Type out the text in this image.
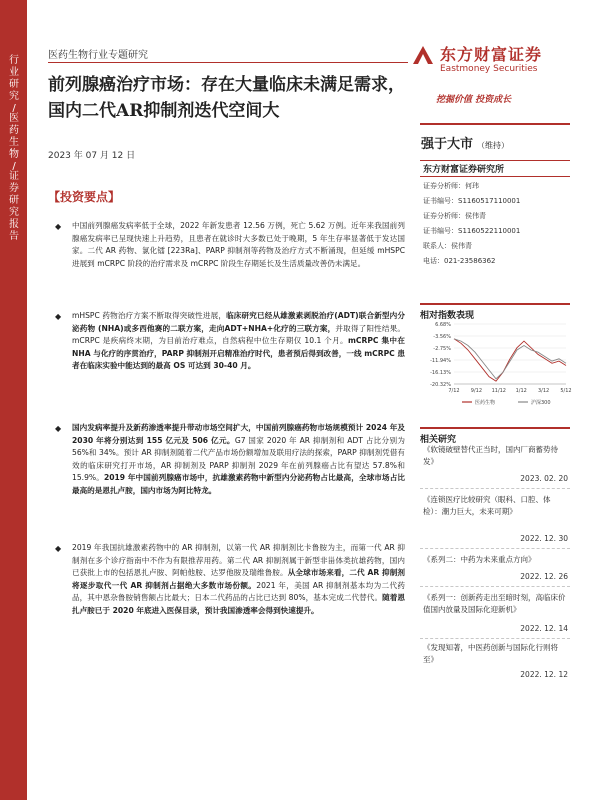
行业研究
/
医药生物
/
证券研究报告
医药生物行业专题研究
前列腺癌治疗市场：存在大量临床未满足需求，国内二代AR抑制剂迭代空间大
2023 年 07 月 12 日
东方财富证券
Eastmoney Securities
挖掘价值 投资成长
强于大市 （维持）
东方财富证券研究所
证券分析师：何玮
证书编号：S1160517110001
证券分析师：侯伟青
证书编号：S1160522110001
联系人：侯伟青
电话：021-23586362
相对指数表现
6.68%
-3.56%
-2.75%
-11.94%
-16.13%
-20.32%
7/12 9/12 11/12 1/12 3/12 5/12
医药生物	沪深300
相关研究
《软镜破壁替代正当时，国内厂商蓄势待发》
2023. 02. 20
《连锁医疗比较研究（眼科、口腔、体检）：潮力巨大，未来可期》
2022. 12. 30
《系列二：中药为未来重点方向》
2022. 12. 26
《系列一：创新药走出至暗时刻，高临床价值国内放量及国际化迎新机》
2022. 12. 14
《发现知著，中医药创新与国际化行则将至》
2022. 12. 12
【投资要点】
◆	中国前列腺癌发病率低于全球，2022 年新发患者 12.56 万例，死亡 5.62 万例。近年来我国前列腺癌发病率已呈现快速上升趋势，且患者在就诊时大多数已处于晚期，5 年生存率显著低于发达国家。二代 AR 药物、氯化镭 [223Ra]、PARP 抑制剂等药物及治疗方式不断涌现，但延缓 mHSPC 进展到 mCRPC 阶段的治疗需求及 mCRPC 阶段生存期延长及生活质量改善仍未满足。
◆	mHSPC 药物治疗方案不断取得突破性进展，临床研究已经从雄激素剥脱治疗(ADT)联合新型内分泌药物 (NHA)或多西他赛的二联方案，走向ADT+NHA+化疗的三联方案，并取得了阳性结果。mCRPC 是疾病终末期，为目前治疗难点，自然病程中位生存期仅 10.1 个月。mCRPC 集中在 NHA 与化疗的序贯治疗，PARP 抑制剂开启精准治疗时代，患者预后得到改善，一线 mCRPC 患者在临床实验中能达到的最高 OS 可达到 30-40 月。
◆	国内发病率提升及新药渗透率提升带动市场空间扩大，中国前列腺癌药物市场规模预计 2024 年及 2030 年将分别达到 155 亿元及 506 亿元。G7 国家 2020 年 AR 抑制剂和 ADT 占比分别为 56%和 34%。预计 AR 抑制剂随着二代产品市场份额增加及联用疗法的探索，PARP 抑制剂凭借有效的临床研究打开市场，AR 抑制剂及 PARP 抑制剂 2029 年在前列腺癌占比有望达 57.8%和 15.9%。2019 年中国前列腺癌市场中，抗雄激素药物中新型内分泌药物占比最高，全球市场占比最高的是恩扎卢胺，国内市场为阿比特龙。
◆	2019 年我国抗雄激素药物中的 AR 抑制剂，以第一代 AR 抑制剂比卡鲁胺为主，而第一代 AR 抑制剂在多个诊疗指南中不作为有限推荐用药。第二代 AR 抑制剂属于新型非甾体类抗雄药物，国内已获批上市的包括恩扎卢胺、阿帕他胺、达罗他胺及瑞维鲁胺。从全球市场来看，二代 AR 抑制剂将逐步取代一代 AR 抑制剂占据绝大多数市场份额。2021 年，美国 AR 抑制剂基本均为二代药品，其中恩杂鲁胺销售额占比最大；日本二代药品的占比已达到 80%，基本完成二代替代。随着恩扎卢胺已于 2020 年底进入医保目录，预计我国渗透率会得到快速提升。
